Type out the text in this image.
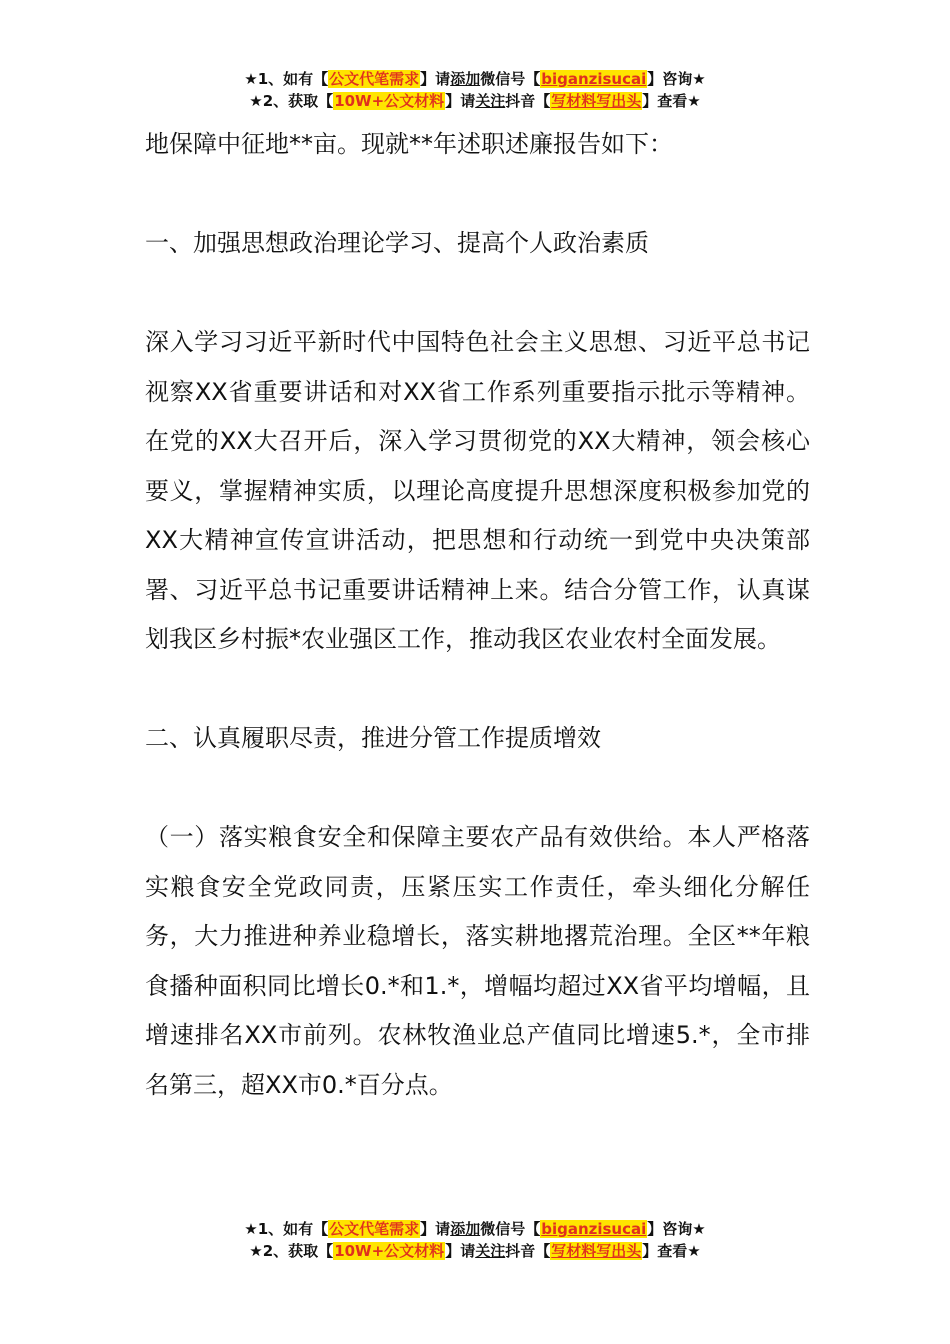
★1、如有【公文代笔需求】请添加微信号【biganzisucai】咨询★
★2、获取【10W+公文材料】请关注抖音【写材料写出头】查看★

地保障中征地**亩。现就**年述职述廉报告如下：

一、加强思想政治理论学习、提高个人政治素质

深入学习习近平新时代中国特色社会主义思想、习近平总书记视察XX省重要讲话和对XX省工作系列重要指示批示等精神。在党的XX大召开后，深入学习贯彻党的XX大精神，领会核心要义，掌握精神实质，以理论高度提升思想深度积极参加党的XX大精神宣传宣讲活动，把思想和行动统一到党中央决策部署、习近平总书记重要讲话精神上来。结合分管工作，认真谋划我区乡村振*农业强区工作，推动我区农业农村全面发展。

二、认真履职尽责，推进分管工作提质增效

（一）落实粮食安全和保障主要农产品有效供给。本人严格落实粮食安全党政同责，压紧压实工作责任，牵头细化分解任务，大力推进种养业稳增长，落实耕地撂荒治理。全区**年粮食播种面积同比增长0.*和1.*，增幅均超过XX省平均增幅，且增速排名XX市前列。农林牧渔业总产值同比增速5.*，全市排名第三，超XX市0.*百分点。

★1、如有【公文代笔需求】请添加微信号【biganzisucai】咨询★
★2、获取【10W+公文材料】请关注抖音【写材料写出头】查看★
